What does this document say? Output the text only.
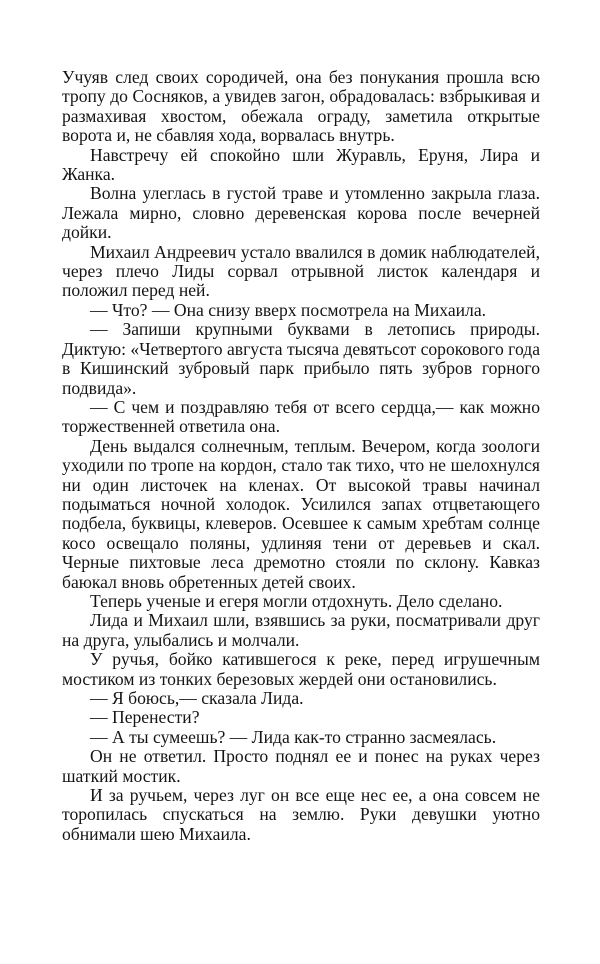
Учуяв след своих сородичей, она без понукания прошла всю тропу до Сосняков, а увидев загон, обрадовалась: взбрыкивая и размахивая хвостом, обежала ограду, заметила открытые ворота и, не сбавляя хода, ворвалась внутрь.

Навстречу ей спокойно шли Журавль, Еруня, Лира и Жанка.

Волна улеглась в густой траве и утомленно закрыла глаза. Лежала мирно, словно деревенская корова после вечерней дойки.

Михаил Андреевич устало ввалился в домик наблюдателей, через плечо Лиды сорвал отрывной листок календаря и положил перед ней.

— Что? — Она снизу вверх посмотрела на Михаила.

— Запиши крупными буквами в летопись природы. Диктую: «Четвертого августа тысяча девятьсот сорокового года в Кишинский зубровый парк прибыло пять зубров горного подвида».

— С чем и поздравляю тебя от всего сердца,— как можно торжественней ответила она.

День выдался солнечным, теплым. Вечером, когда зоологи уходили по тропе на кордон, стало так тихо, что не шелохнулся ни один листочек на кленах. От высокой травы начинал подыматься ночной холодок. Усилился запах отцветающего подбела, буквицы, клеверов. Осевшее к самым хребтам солнце косо освещало поляны, удлиняя тени от деревьев и скал. Черные пихтовые леса дремотно стояли по склону. Кавказ баюкал вновь обретенных детей своих.

Теперь ученые и егеря могли отдохнуть. Дело сделано.

Лида и Михаил шли, взявшись за руки, посматривали друг на друга, улыбались и молчали.

У ручья, бойко катившегося к реке, перед игрушечным мостиком из тонких березовых жердей они остановились.

— Я боюсь,— сказала Лида.

— Перенести?

— А ты сумеешь? — Лида как-то странно засмеялась.

Он не ответил. Просто поднял ее и понес на руках через шаткий мостик.

И за ручьем, через луг он все еще нес ее, а она совсем не торопилась спускаться на землю. Руки девушки уютно обнимали шею Михаила.
